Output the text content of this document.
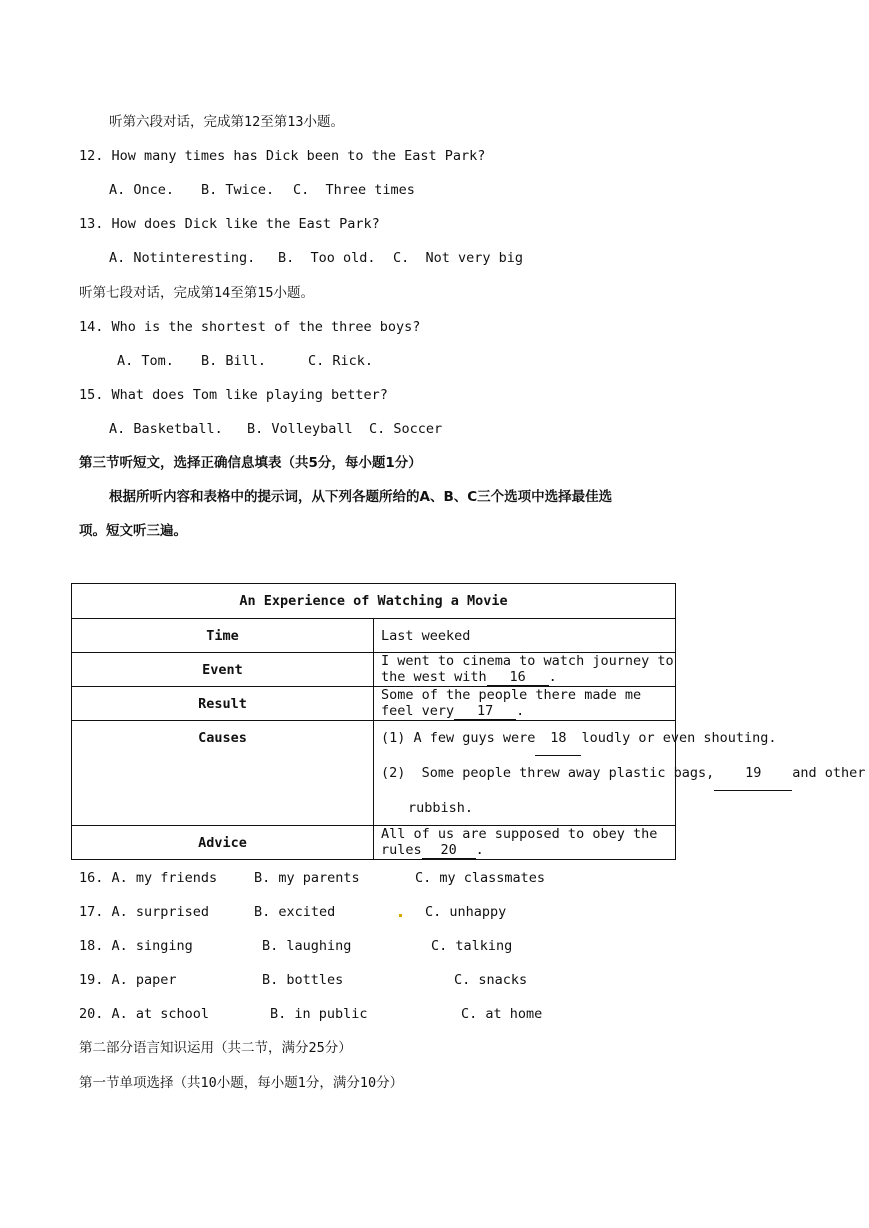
听第六段对话，完成第12至第13小题。
12. How many times has Dick been to the East Park?
A. Once. B. Twice. C.  Three times
13. How does Dick like the East Park?
A. Notinteresting. B.  Too old. C.  Not very big
听第七段对话，完成第14至第15小题。
14. Who is the shortest of the three boys?
A. Tom. B. Bill.	C. Rick.
15. What does Tom like playing better?
A. Basketball. B. Volleyball C. Soccer
第三节听短文，选择正确信息填表（共5分，每小题1分）
根据所听内容和表格中的提示词，从下列各题所给的A、B、C三个选项中选择最佳选
项。短文听三遍。
An Experience of Watching a Movie	
Time	Last weeked
Event	I went to cinema to watch journey to the west with 16 .
Result	Some of the people there made me feel very 17 .
Causes	(1) A few guys were 18 loudly or even shouting.
(2)  Some people threw away plastic bags, 19 and other
rubbish.

Advice	All of us are supposed to obey the rules 20 .
16. A. my friends	B. my parents	C. my classmates
17. A. surprised	B. excited	C. unhappy
18. A. singing	B. laughing	C. talking
19. A. paper	B. bottles	C. snacks
20. A. at school	B. in public	C. at home
第二部分语言知识运用（共二节，满分25分）
第一节单项选择（共10小题，每小题1分，满分10分）
